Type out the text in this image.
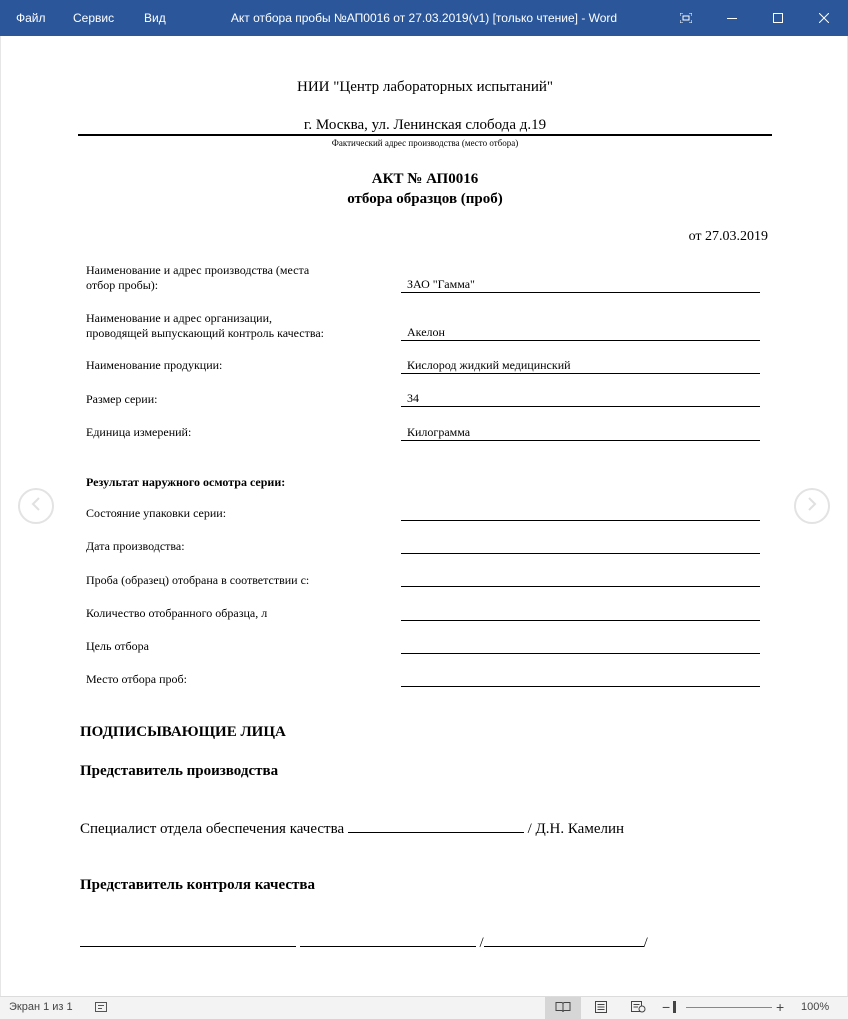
Файл Сервис Вид	Акт отбора пробы №АП0016 от 27.03.2019(v1) [только чтение] - Word
НИИ "Центр лабораторных испытаний"
г. Москва, ул. Ленинская слобода д.19
Фактический адрес производства (место отбора)
АКТ № АП0016
отбора образцов (проб)
от 27.03.2019
Наименование и адрес производства (места
отбор пробы):	ЗАО "Гамма"
Наименование и адрес организации,
проводящей выпускающий контроль качества:	Акелон
Наименование продукции:	Кислород жидкий медицинский
Размер серии:	34
Единица измерений:	Килограмма
Результат наружного осмотра серии:
Состояние упаковки серии:
Дата производства:
Проба (образец) отобрана в соответствии с:
Количество отобранного образца, л
Цель отбора
Место отбора проб:
ПОДПИСЫВАЮЩИЕ ЛИЦА
Представитель производства
Специалист отдела обеспечения качества	/ Д.Н. Камелин
Представитель контроля качества
/	/
Экран 1 из 1	−	+ 100%
